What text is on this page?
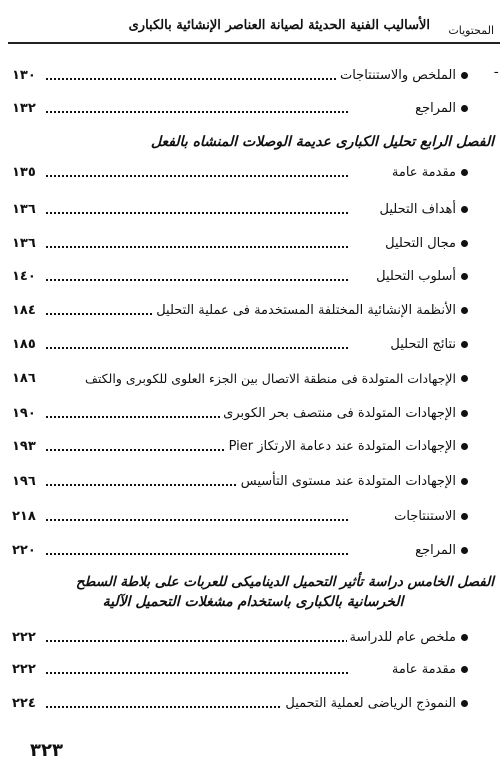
الأساليب الفنية الحديثة لصيانة العناصر الإنشائية بالكبارى المحتويات
ـ
الملخص والاستنتاجات
١٣٠
المراجع
١٣٢
الفصل الرابع تحليل الكبارى عديمة الوصلات المنشاه بالفعل
مقدمة عامة
١٣٥
أهداف التحليل
١٣٦
مجال التحليل
١٣٦
أسلوب التحليل
١٤٠
الأنظمة الإنشائية المختلفة المستخدمة فى عملية التحليل
١٨٤
نتائج التحليل
١٨٥
الإجهادات المتولدة فى منطقة الاتصال بين الجزء العلوى للكوبرى والكتف
١٨٦
الإجهادات المتولدة فى منتصف بحر الكوبرى
١٩٠
الإجهادات المتولدة عند دعامة الارتكاز Pier
١٩٣
الإجهادات المتولدة عند مستوى التأسيس
١٩٦
الاستنتاجات
٢١٨
المراجع
٢٢٠
الفصل الخامس دراسة تأثير التحميل الديناميكى للعربات على بلاطة السطح
الخرسانية بالكبارى باستخدام مشغلات التحميل الآلية
ملخص عام للدراسة
٢٢٢
مقدمة عامة
٢٢٢
النموذج الرياضى لعملية التحميل
٢٢٤
٣٢٣
